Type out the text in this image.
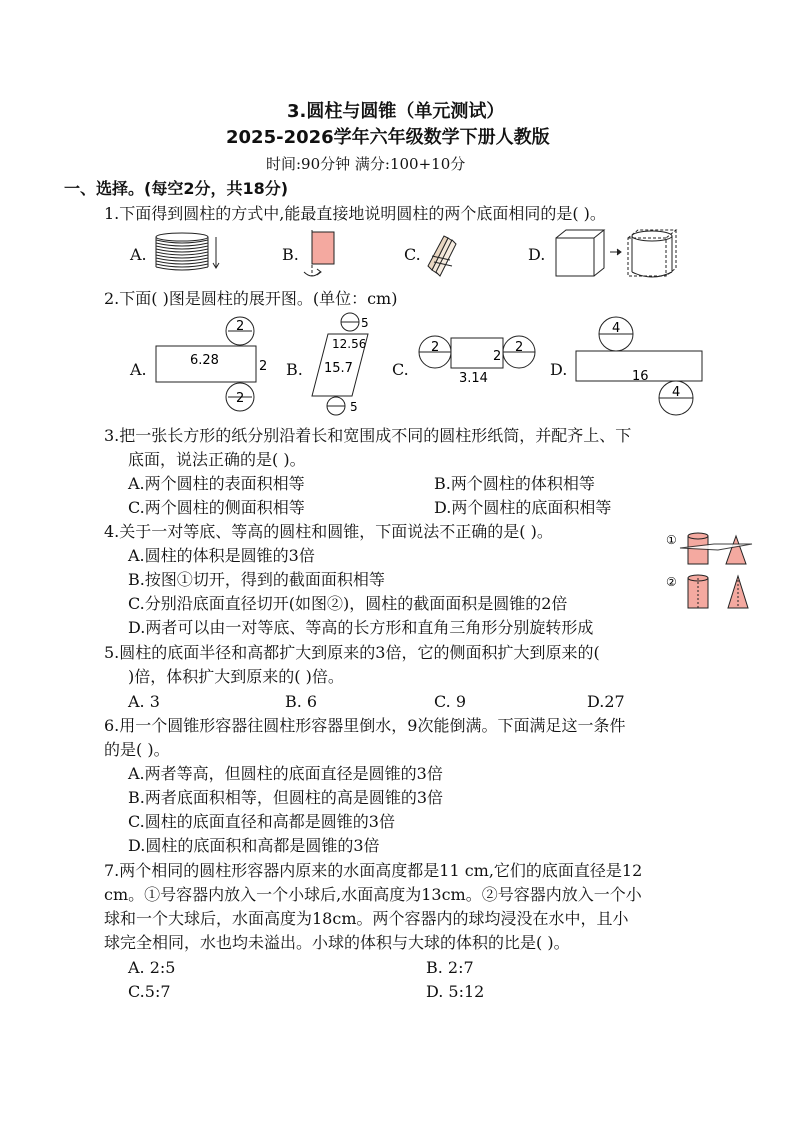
3.圆柱与圆锥（单元测试）
2025-2026学年六年级数学下册人教版
时间:90分钟 满分:100+10分
一、选择。(每空2分，共18分)
1.下面得到圆柱的方式中,能最直接地说明圆柱的两个底面相同的是( )。
A.	B.	C.	D.
2.下面( )图是圆柱的展开图。(单位：cm)
A.	B.	C.	D.
2
6.28	2
2
5
12.56
15.7
5
2
2
2
3.14
4
16
4
3.把一张长方形的纸分别沿着长和宽围成不同的圆柱形纸筒，并配齐上、下
底面，说法正确的是( )。
A.两个圆柱的表面积相等	B.两个圆柱的体积相等
C.两个圆柱的侧面积相等	D.两个圆柱的底面积相等
4.关于一对等底、等高的圆柱和圆锥，下面说法不正确的是( )。
A.圆柱的体积是圆锥的3倍
B.按图①切开，得到的截面面积相等
C.分别沿底面直径切开(如图②)，圆柱的截面面积是圆锥的2倍
D.两者可以由一对等底、等高的长方形和直角三角形分别旋转形成
①
②
5.圆柱的底面半径和高都扩大到原来的3倍，它的侧面积扩大到原来的(
)倍，体积扩大到原来的( )倍。
A. 3	B. 6	C. 9	D.27
6.用一个圆锥形容器往圆柱形容器里倒水，9次能倒满。下面满足这一条件
的是( )。
A.两者等高，但圆柱的底面直径是圆锥的3倍
B.两者底面积相等，但圆柱的高是圆锥的3倍
C.圆柱的底面直径和高都是圆锥的3倍
D.圆柱的底面积和高都是圆锥的3倍
7.两个相同的圆柱形容器内原来的水面高度都是11 cm,它们的底面直径是12
cm。①号容器内放入一个小球后,水面高度为13cm。②号容器内放入一个小
球和一个大球后，水面高度为18cm。两个容器内的球均浸没在水中，且小
球完全相同，水也均未溢出。小球的体积与大球的体积的比是( )。
A. 2:5	B. 2:7
C.5:7	D. 5:12
